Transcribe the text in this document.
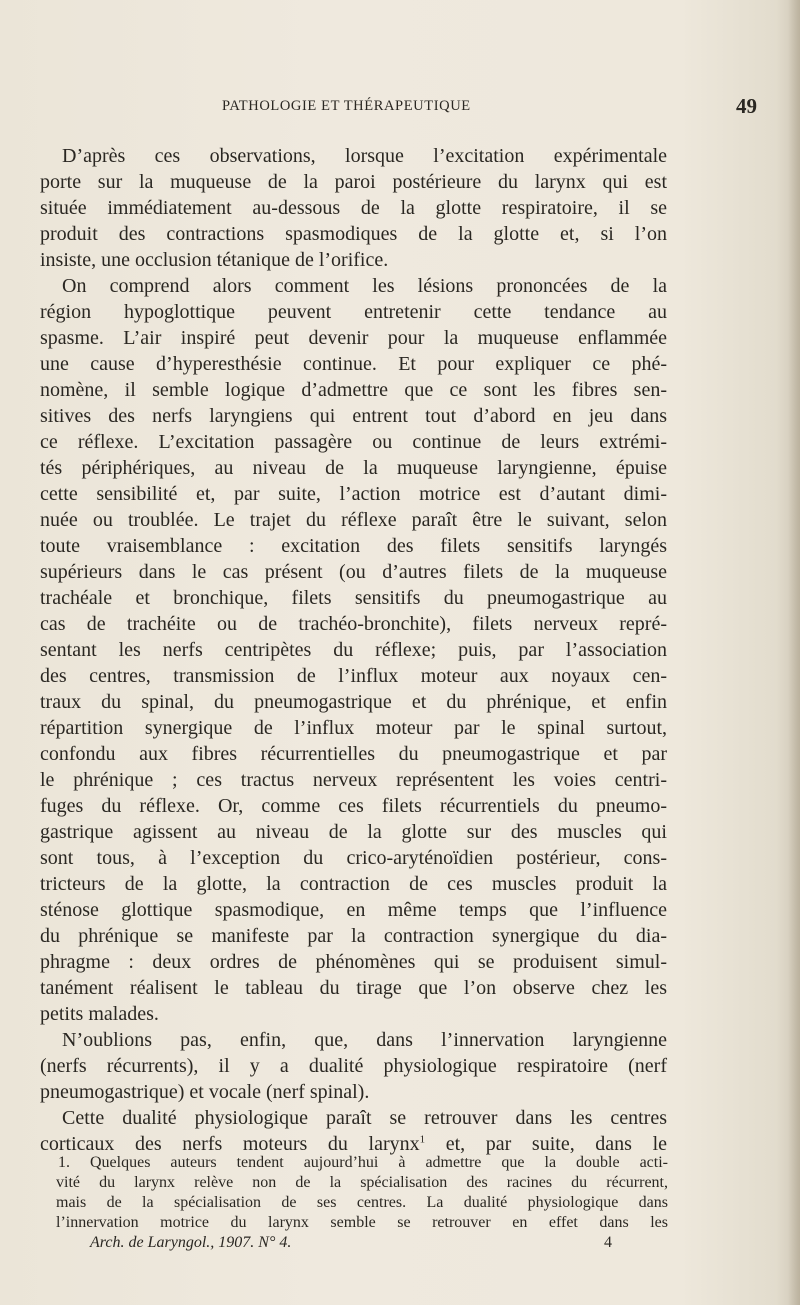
PATHOLOGIE ET THÉRAPEUTIQUE	49
D’après ces observations, lorsque l’excitation expérimentale
porte sur la muqueuse de la paroi postérieure du larynx qui est
située immédiatement au-dessous de la glotte respiratoire, il se
produit des contractions spasmodiques de la glotte et, si l’on
insiste, une occlusion tétanique de l’orifice.
On comprend alors comment les lésions prononcées de la
région hypoglottique peuvent entretenir cette tendance au
spasme. L’air inspiré peut devenir pour la muqueuse enflammée
une cause d’hyperesthésie continue. Et pour expliquer ce phé-
nomène, il semble logique d’admettre que ce sont les fibres sen-
sitives des nerfs laryngiens qui entrent tout d’abord en jeu dans
ce réflexe. L’excitation passagère ou continue de leurs extrémi-
tés périphériques, au niveau de la muqueuse laryngienne, épuise
cette sensibilité et, par suite, l’action motrice est d’autant dimi-
nuée ou troublée. Le trajet du réflexe paraît être le suivant, selon
toute vraisemblance : excitation des filets sensitifs laryngés
supérieurs dans le cas présent (ou d’autres filets de la muqueuse
trachéale et bronchique, filets sensitifs du pneumogastrique au
cas de trachéite ou de trachéo-bronchite), filets nerveux repré-
sentant les nerfs centripètes du réflexe; puis, par l’association
des centres, transmission de l’influx moteur aux noyaux cen-
traux du spinal, du pneumogastrique et du phrénique, et enfin
répartition synergique de l’influx moteur par le spinal surtout,
confondu aux fibres récurrentielles du pneumogastrique et par
le phrénique ; ces tractus nerveux représentent les voies centri-
fuges du réflexe. Or, comme ces filets récurrentiels du pneumo-
gastrique agissent au niveau de la glotte sur des muscles qui
sont tous, à l’exception du crico-aryténoïdien postérieur, cons-
tricteurs de la glotte, la contraction de ces muscles produit la
sténose glottique spasmodique, en même temps que l’influence
du phrénique se manifeste par la contraction synergique du dia-
phragme : deux ordres de phénomènes qui se produisent simul-
tanément réalisent le tableau du tirage que l’on observe chez les
petits malades.
N’oublions pas, enfin, que, dans l’innervation laryngienne
(nerfs récurrents), il y a dualité physiologique respiratoire (nerf
pneumogastrique) et vocale (nerf spinal).
Cette dualité physiologique paraît se retrouver dans les centres
corticaux des nerfs moteurs du larynx$^1$ et, par suite, dans le
1. Quelques auteurs tendent aujourd’hui à admettre que la double acti-
vité du larynx relève non de la spécialisation des racines du récurrent,
mais de la spécialisation de ses centres. La dualité physiologique dans
l’innervation motrice du larynx semble se retrouver en effet dans les
Arch. de Laryngol., 1907. N° 4.	4
